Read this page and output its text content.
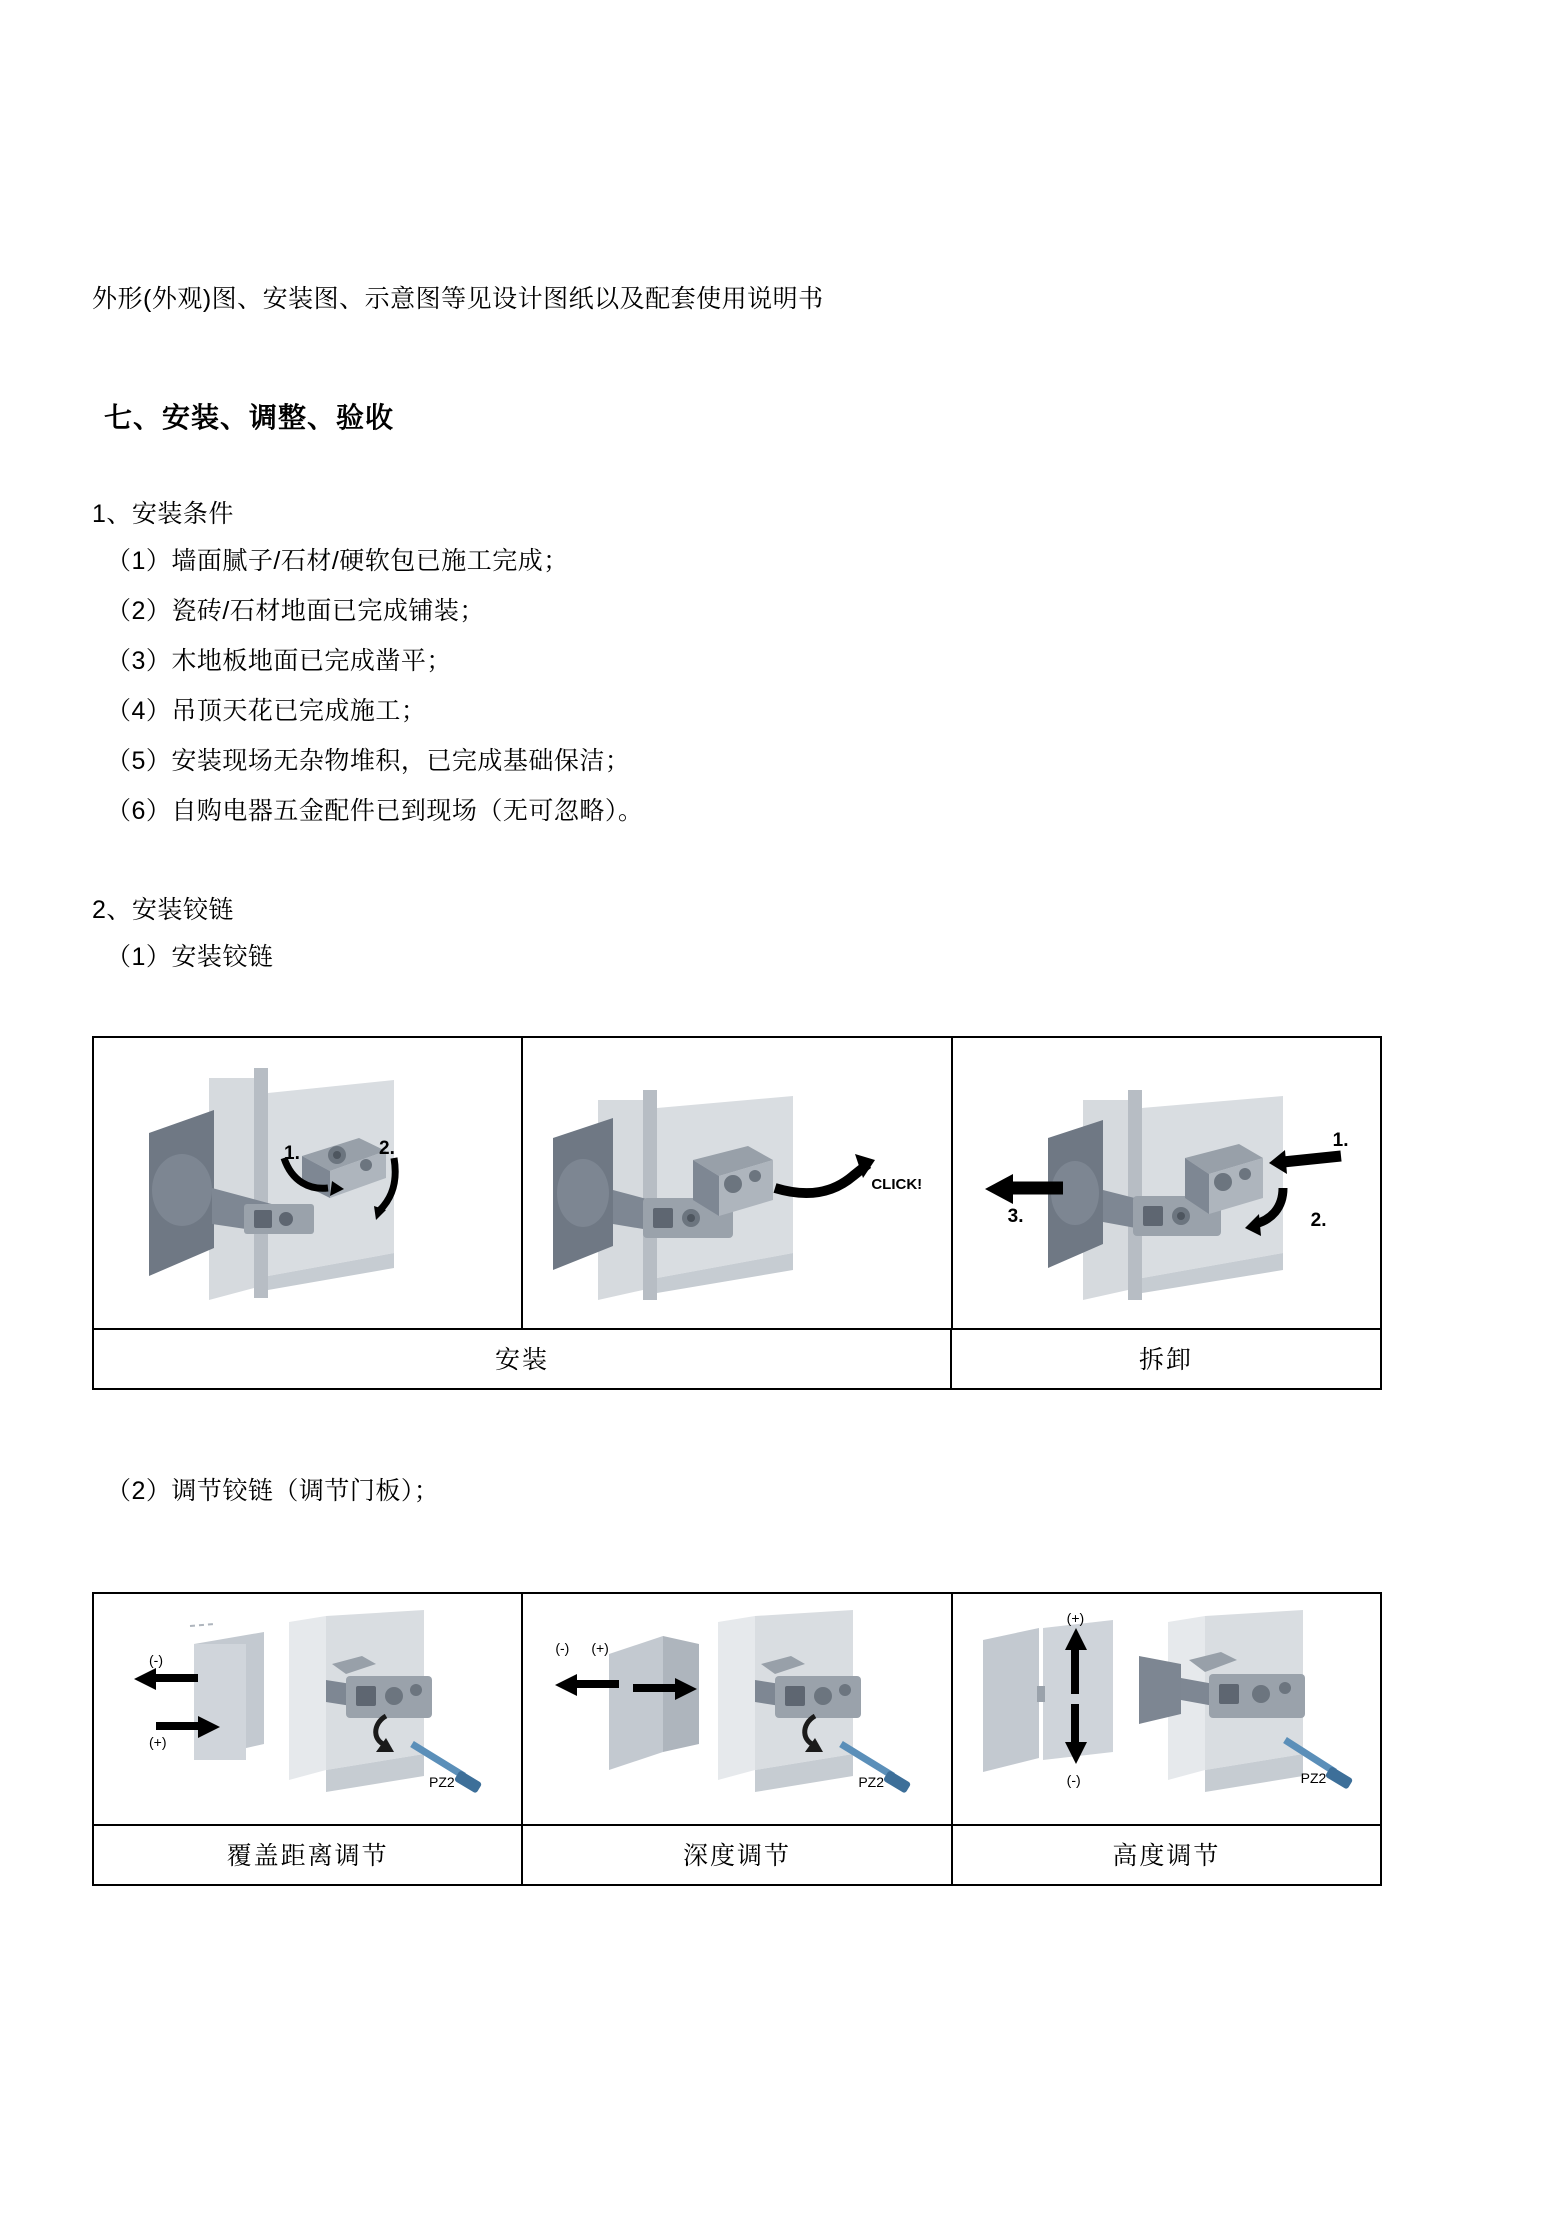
外形(外观)图、安装图、示意图等见设计图纸以及配套使用说明书
七、安装、调整、验收
1、安装条件
（1）墙面腻子/石材/硬软包已施工完成；
（2）瓷砖/石材地面已完成铺装；
（3）木地板地面已完成凿平；
（4）吊顶天花已完成施工；
（5）安装现场无杂物堆积，已完成基础保洁；
（6）自购电器五金配件已到现场（无可忽略）。
2、安装铰链
（1）安装铰链
1.	2.
CLICK!
1.
2.
3.
安装	拆卸
（2）调节铰链（调节门板）；
(-)
(+)
PZ2
(-) (+)
PZ2
(+)
(-)	PZ2
覆盖距离调节	深度调节	高度调节
